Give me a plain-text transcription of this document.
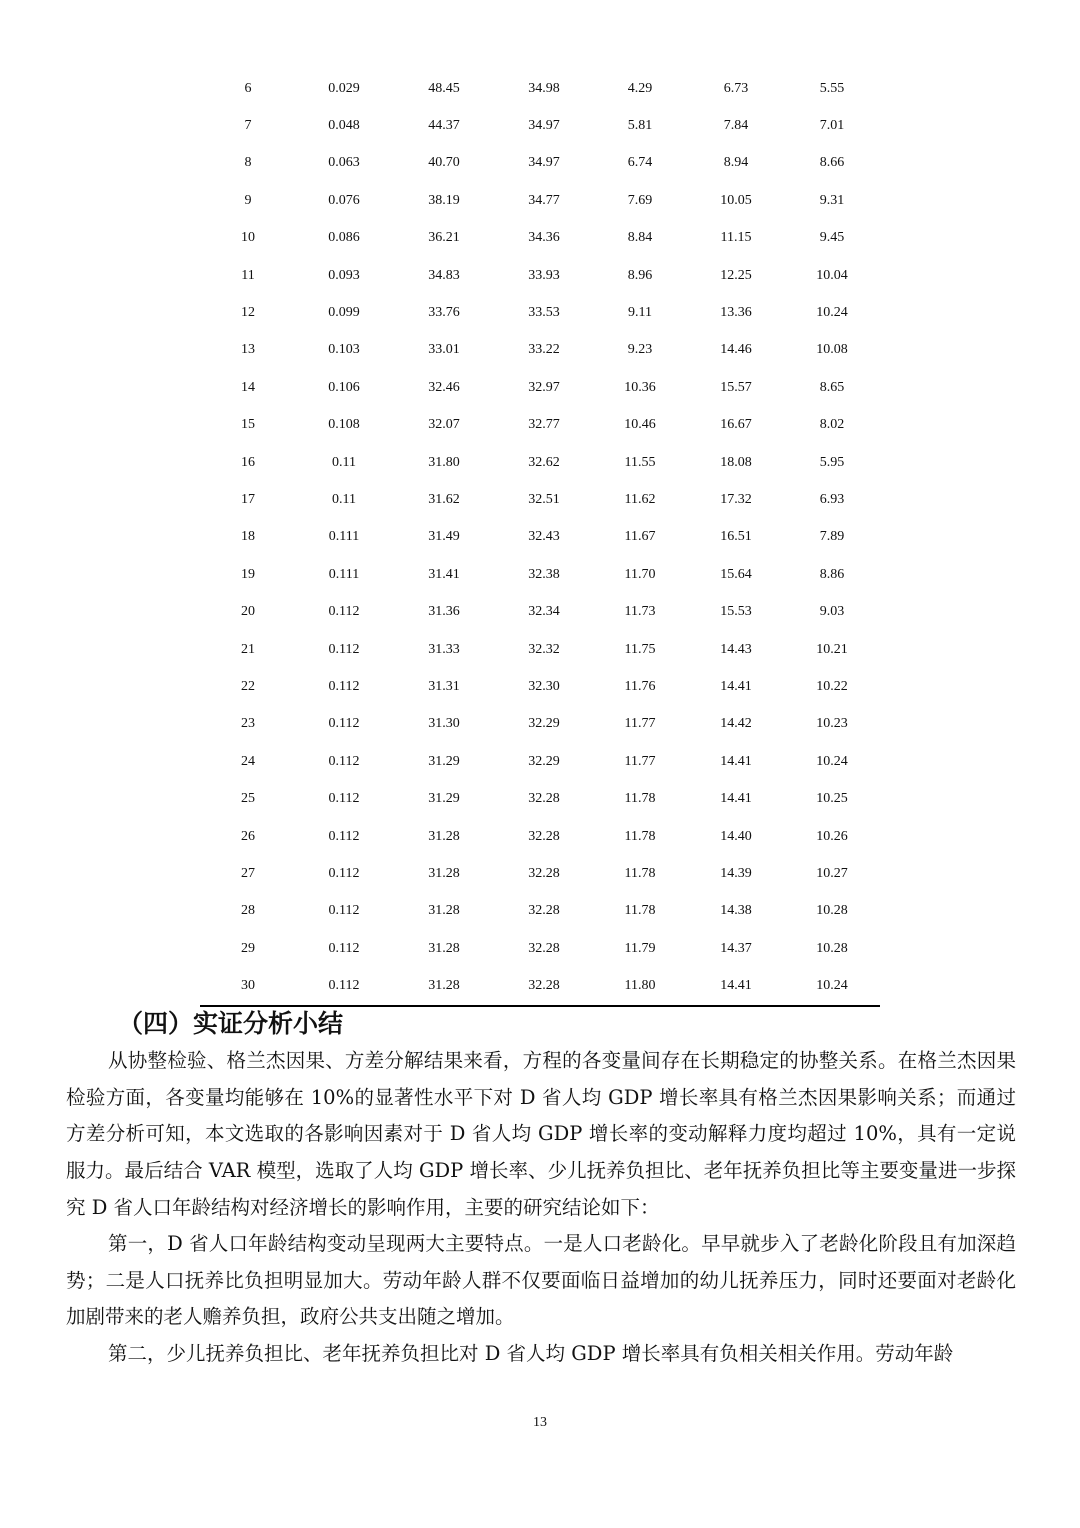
6	0.029	48.45	34.98	4.29	6.73	5.55
7	0.048	44.37	34.97	5.81	7.84	7.01
8	0.063	40.70	34.97	6.74	8.94	8.66
9	0.076	38.19	34.77	7.69	10.05	9.31
10	0.086	36.21	34.36	8.84	11.15	9.45
11	0.093	34.83	33.93	8.96	12.25	10.04
12	0.099	33.76	33.53	9.11	13.36	10.24
13	0.103	33.01	33.22	9.23	14.46	10.08
14	0.106	32.46	32.97	10.36	15.57	8.65
15	0.108	32.07	32.77	10.46	16.67	8.02
16	0.11	31.80	32.62	11.55	18.08	5.95
17	0.11	31.62	32.51	11.62	17.32	6.93
18	0.111	31.49	32.43	11.67	16.51	7.89
19	0.111	31.41	32.38	11.70	15.64	8.86
20	0.112	31.36	32.34	11.73	15.53	9.03
21	0.112	31.33	32.32	11.75	14.43	10.21
22	0.112	31.31	32.30	11.76	14.41	10.22
23	0.112	31.30	32.29	11.77	14.42	10.23
24	0.112	31.29	32.29	11.77	14.41	10.24
25	0.112	31.29	32.28	11.78	14.41	10.25
26	0.112	31.28	32.28	11.78	14.40	10.26
27	0.112	31.28	32.28	11.78	14.39	10.27
28	0.112	31.28	32.28	11.78	14.38	10.28
29	0.112	31.28	32.28	11.79	14.37	10.28
30	0.112	31.28	32.28	11.80	14.41	10.24
（四）实证分析小结

从协整检验、格兰杰因果、方差分解结果来看，方程的各变量间存在长期稳定的协整关系。在格兰杰因果检验方面，各变量均能够在 10%的显著性水平下对 D 省人均 GDP 增长率具有格兰杰因果影响关系；而通过方差分析可知，本文选取的各影响因素对于 D 省人均 GDP 增长率的变动解释力度均超过 10%，具有一定说服力。最后结合 VAR 模型，选取了人均 GDP 增长率、少儿抚养负担比、老年抚养负担比等主要变量进一步探究 D 省人口年龄结构对经济增长的影响作用，主要的研究结论如下：

第一，D 省人口年龄结构变动呈现两大主要特点。一是人口老龄化。早早就步入了老龄化阶段且有加深趋势；二是人口抚养比负担明显加大。劳动年龄人群不仅要面临日益增加的幼儿抚养压力，同时还要面对老龄化加剧带来的老人赡养负担，政府公共支出随之增加。

第二，少儿抚养负担比、老年抚养负担比对 D 省人均 GDP 增长率具有负相关相关作用。劳动年龄

13
